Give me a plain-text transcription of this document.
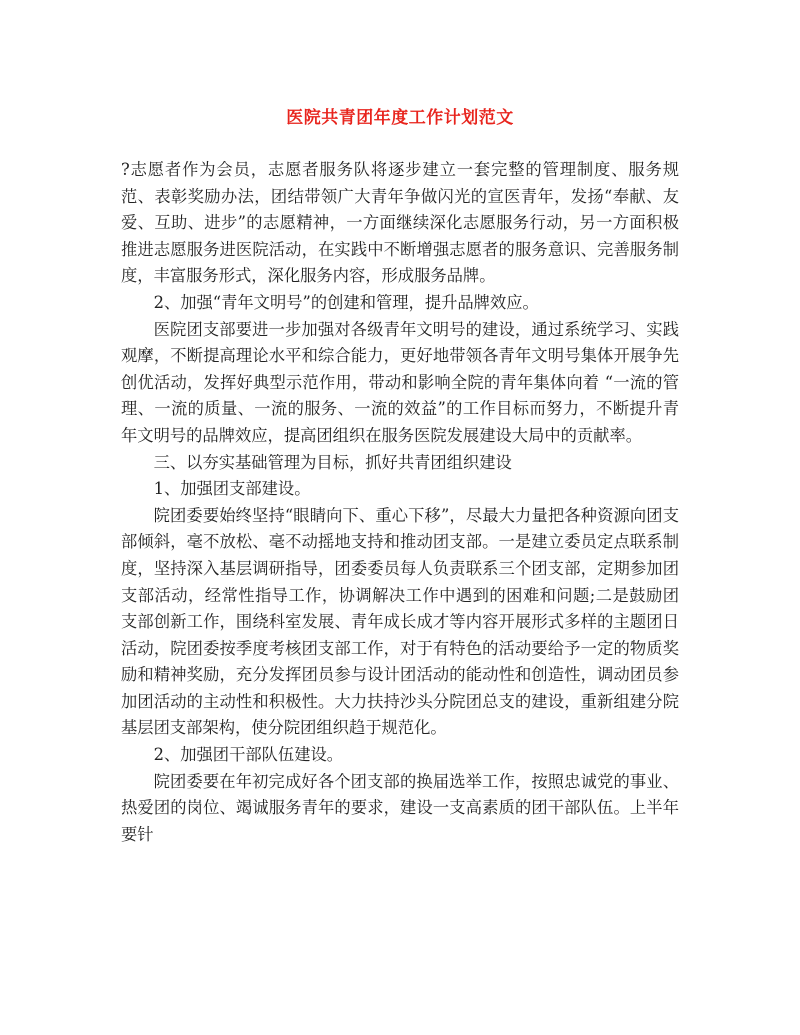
医院共青团年度工作计划范文

?志愿者作为会员，志愿者服务队将逐步建立一套完整的管理制度、服务规范、表彰奖励办法，团结带领广大青年争做闪光的宣医青年，发扬“奉献、友爱、互助、进步”的志愿精神，一方面继续深化志愿服务行动，另一方面积极推进志愿服务进医院活动，在实践中不断增强志愿者的服务意识、完善服务制度，丰富服务形式，深化服务内容，形成服务品牌。

2、加强“青年文明号”的创建和管理，提升品牌效应。

医院团支部要进一步加强对各级青年文明号的建设，通过系统学习、实践观摩，不断提高理论水平和综合能力，更好地带领各青年文明号集体开展争先创优活动，发挥好典型示范作用，带动和影响全院的青年集体向着 “一流的管理、一流的质量、一流的服务、一流的效益”的工作目标而努力，不断提升青年文明号的品牌效应，提高团组织在服务医院发展建设大局中的贡献率。

三、以夯实基础管理为目标，抓好共青团组织建设

1、加强团支部建设。

院团委要始终坚持“眼睛向下、重心下移”，尽最大力量把各种资源向团支部倾斜，毫不放松、毫不动摇地支持和推动团支部。一是建立委员定点联系制度，坚持深入基层调研指导，团委委员每人负责联系三个团支部，定期参加团支部活动，经常性指导工作，协调解决工作中遇到的困难和问题;二是鼓励团支部创新工作，围绕科室发展、青年成长成才等内容开展形式多样的主题团日活动，院团委按季度考核团支部工作，对于有特色的活动要给予一定的物质奖励和精神奖励，充分发挥团员参与设计团活动的能动性和创造性，调动团员参加团活动的主动性和积极性。大力扶持沙头分院团总支的建设，重新组建分院基层团支部架构，使分院团组织趋于规范化。

2、加强团干部队伍建设。

院团委要在年初完成好各个团支部的换届选举工作，按照忠诚党的事业、热爱团的岗位、竭诚服务青年的要求，建设一支高素质的团干部队伍。上半年要针
